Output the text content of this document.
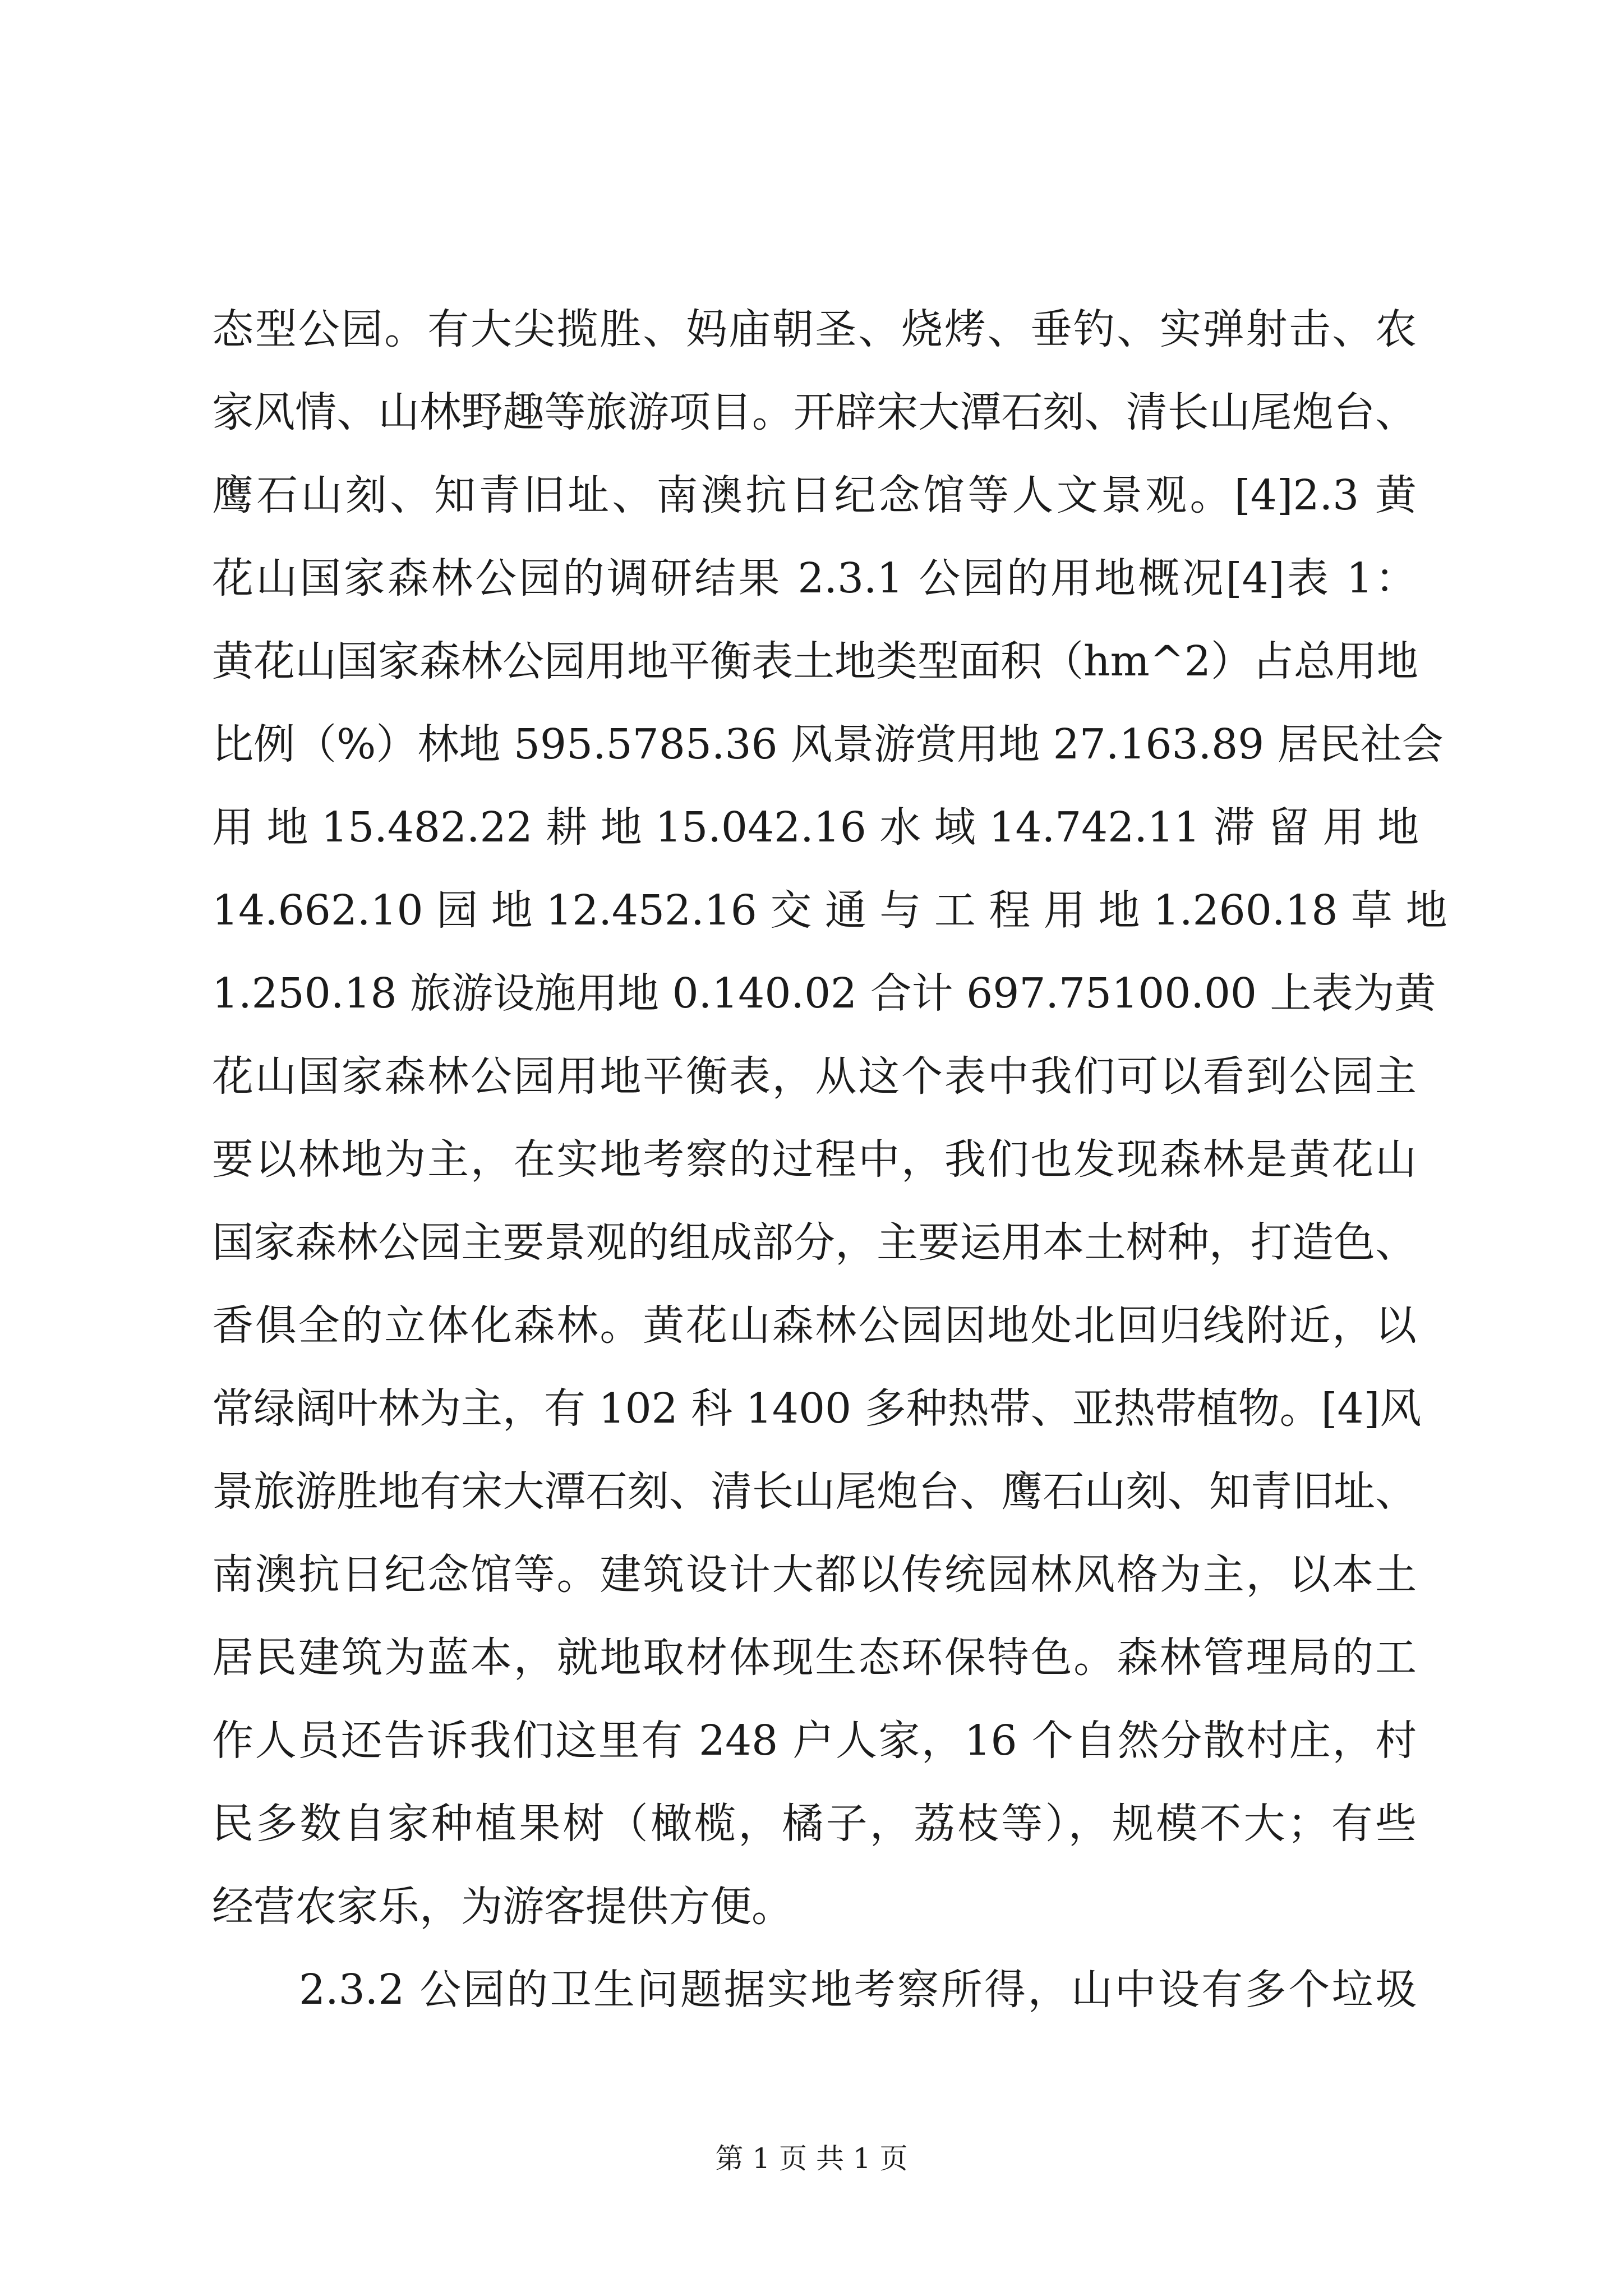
态型公园。有大尖揽胜、妈庙朝圣、烧烤、垂钓、实弹射击、农
家风情、山林野趣等旅游项目。开辟宋大潭石刻、清长山尾炮台、
鹰石山刻、知青旧址、南澳抗日纪念馆等人文景观。[4]2.3 黄
花山国家森林公园的调研结果 2.3.1 公园的用地概况[4]表 1：
黄花山国家森林公园用地平衡表土地类型面积（hm^2）占总用地
比例（%）林地 595.5785.36 风景游赏用地 27.163.89 居民社会
用 地 15.482.22 耕 地 15.042.16 水 域 14.742.11 滞 留 用 地
14.662.10 园 地 12.452.16 交 通 与 工 程 用 地 1.260.18 草 地
1.250.18 旅游设施用地 0.140.02 合计 697.75100.00 上表为黄
花山国家森林公园用地平衡表，从这个表中我们可以看到公园主
要以林地为主，在实地考察的过程中，我们也发现森林是黄花山
国家森林公园主要景观的组成部分，主要运用本土树种，打造色、
香俱全的立体化森林。黄花山森林公园因地处北回归线附近，以
常绿阔叶林为主，有 102 科 1400 多种热带、亚热带植物。[4]风
景旅游胜地有宋大潭石刻、清长山尾炮台、鹰石山刻、知青旧址、
南澳抗日纪念馆等。建筑设计大都以传统园林风格为主，以本土
居民建筑为蓝本，就地取材体现生态环保特色。森林管理局的工
作人员还告诉我们这里有 248 户人家，16 个自然分散村庄，村
民多数自家种植果树（橄榄，橘子，荔枝等），规模不大；有些
经营农家乐，为游客提供方便。
2.3.2 公园的卫生问题据实地考察所得，山中设有多个垃圾
第 1 页 共 1 页
